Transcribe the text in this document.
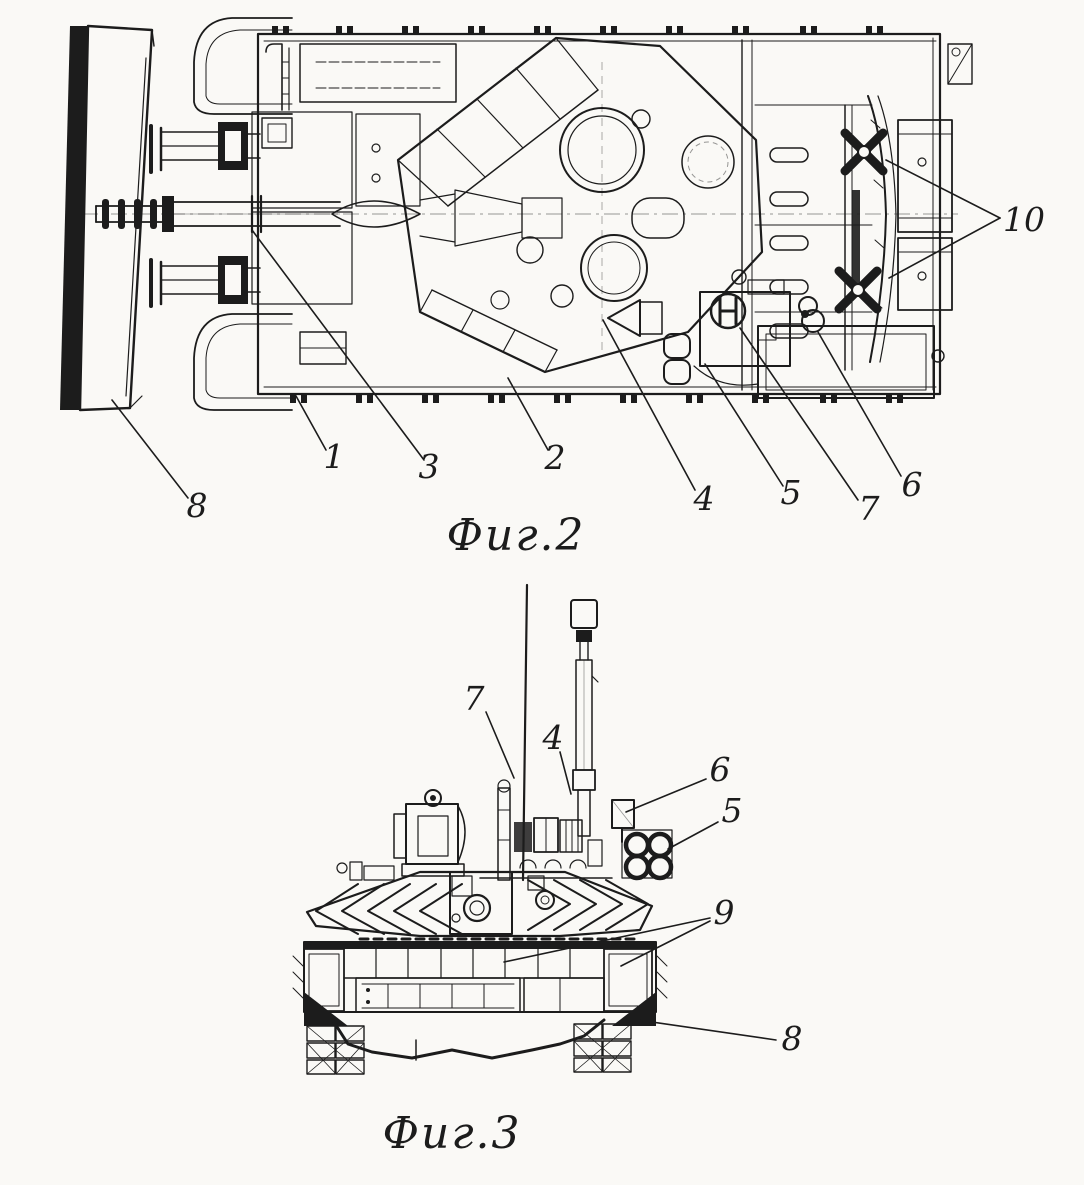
8
1 3	2
4 5 7
6
10
Фиг.2
7
4
6
5
9
8
Фиг.3
